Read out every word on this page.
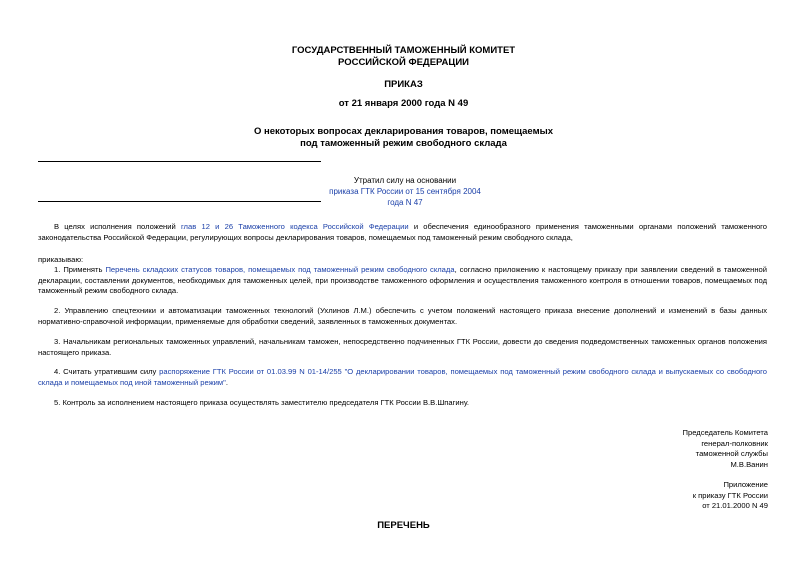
ГОСУДАРСТВЕННЫЙ ТАМОЖЕННЫЙ КОМИТЕТ
РОССИЙСКОЙ ФЕДЕРАЦИИ
ПРИКАЗ
от 21 января 2000 года N 49
О некоторых вопросах декларирования товаров, помещаемых
под таможенный режим свободного склада
Утратил силу на основании
приказа ГТК России от 15 сентября 2004 года N 47
В целях исполнения положений глав 12 и 26 Таможенного кодекса Российской Федерации и обеспечения единообразного применения таможенными органами положений таможенного законодательства Российской Федерации, регулирующих вопросы декларирования товаров, помещаемых под таможенный режим свободного склада,
приказываю:
1. Применять Перечень складских статусов товаров, помещаемых под таможенный режим свободного склада, согласно приложению к настоящему приказу при заявлении сведений в таможенной декларации, составлении документов, необходимых для таможенных целей, при производстве таможенного оформления и осуществления таможенного контроля в отношении товаров, помещаемых под таможенный режим свободного склада.
2. Управлению спецтехники и автоматизации таможенных технологий (Ухлинов Л.М.) обеспечить с учетом положений настоящего приказа внесение дополнений и изменений в базы данных нормативно-справочной информации, применяемые для обработки сведений, заявленных в таможенных документах.
3. Начальникам региональных таможенных управлений, начальникам таможен, непосредственно подчиненных ГТК России, довести до сведения подведомственных таможенных органов положения настоящего приказа.
4. Считать утратившим силу распоряжение ГТК России от 01.03.99 N 01-14/255 "О декларировании товаров, помещаемых под таможенный режим свободного склада и выпускаемых со свободного склада и помещаемых под иной таможенный режим".
5. Контроль за исполнением настоящего приказа осуществлять заместителю председателя ГТК России В.В.Шпагину.
Председатель Комитета
генерал-полковник
таможенной службы
М.В.Ванин
Приложение
к приказу ГТК России
от 21.01.2000 N 49
ПЕРЕЧЕНЬ
